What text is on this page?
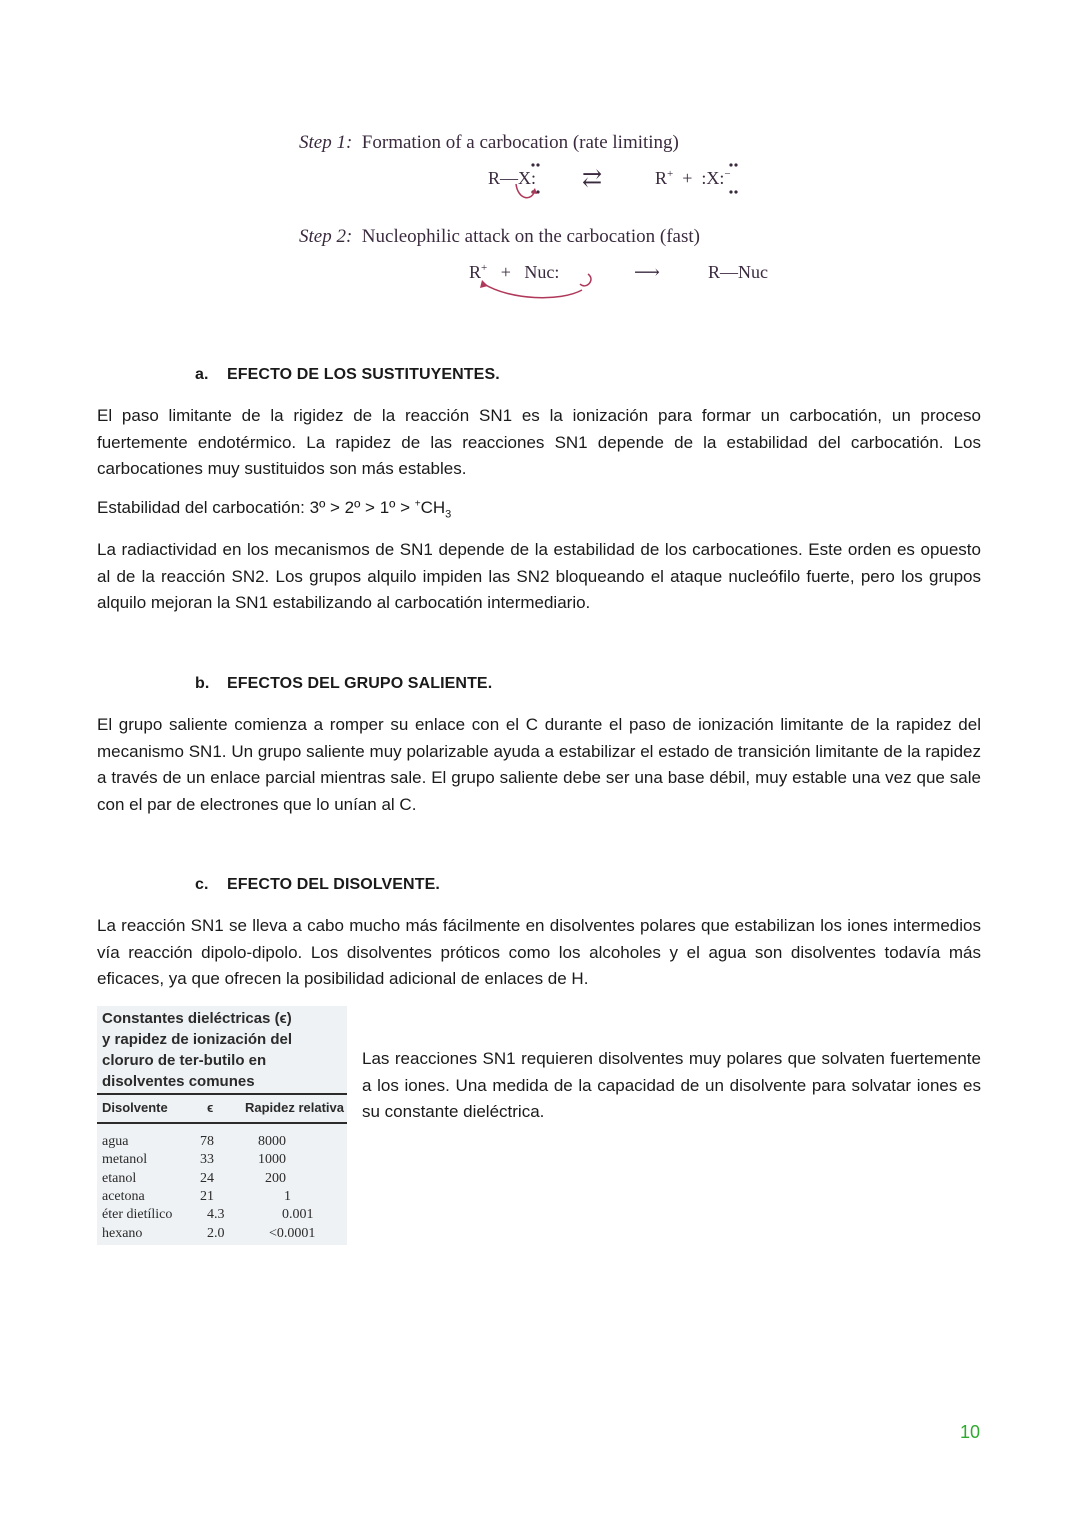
Step 1: Formation of a carbocation (rate limiting)
R—X: ⇄	R+ + :X:−
Step 2: Nucleophilic attack on the carbocation (fast)
R+ + Nuc:	⟶	R—Nuc
a. EFECTO DE LOS SUSTITUYENTES.
El paso limitante de la rigidez de la reacción SN1 es la ionización para formar un carbocatión, un proceso fuertemente endotérmico. La rapidez de las reacciones SN1 depende de la estabilidad del carbocatión. Los carbocationes muy sustituidos son más estables.
Estabilidad del carbocatión: 3º > 2º > 1º > $^+CH_3$
La radiactividad en los mecanismos de SN1 depende de la estabilidad de los carbocationes. Este orden es opuesto al de la reacción SN2. Los grupos alquilo impiden las SN2 bloqueando el ataque nucleófilo fuerte, pero los grupos alquilo mejoran la SN1 estabilizando al carbocatión intermediario.
b. EFECTOS DEL GRUPO SALIENTE.
El grupo saliente comienza a romper su enlace con el C durante el paso de ionización limitante de la rapidez del mecanismo SN1. Un grupo saliente muy polarizable ayuda a estabilizar el estado de transición limitante de la rapidez a través de un enlace parcial mientras sale. El grupo saliente debe ser una base débil, muy estable una vez que sale con el par de electrones que lo unían al C.
c. EFECTO DEL DISOLVENTE.
La reacción SN1 se lleva a cabo mucho más fácilmente en disolventes polares que estabilizan los iones intermedios vía reacción dipolo-dipolo. Los disolventes próticos como los alcoholes y el agua son disolventes todavía más eficaces, ya que ofrecen la posibilidad adicional de enlaces de H.
Constantes dieléctricas (ϵ)
y rapidez de ionización del
cloruro de ter-butilo en
disolventes comunes
Disolvente	ϵ Rapidez relativa
agua	78	8000
metanol	33	1000
etanol	24	200
acetona	21	1
éter dietílico 4.3	0.001
hexano	2.0	<0.0001
Las reacciones SN1 requieren disolventes muy polares que solvaten fuertemente a los iones. Una medida de la capacidad de un disolvente para solvatar iones es su constante dieléctrica.
10
